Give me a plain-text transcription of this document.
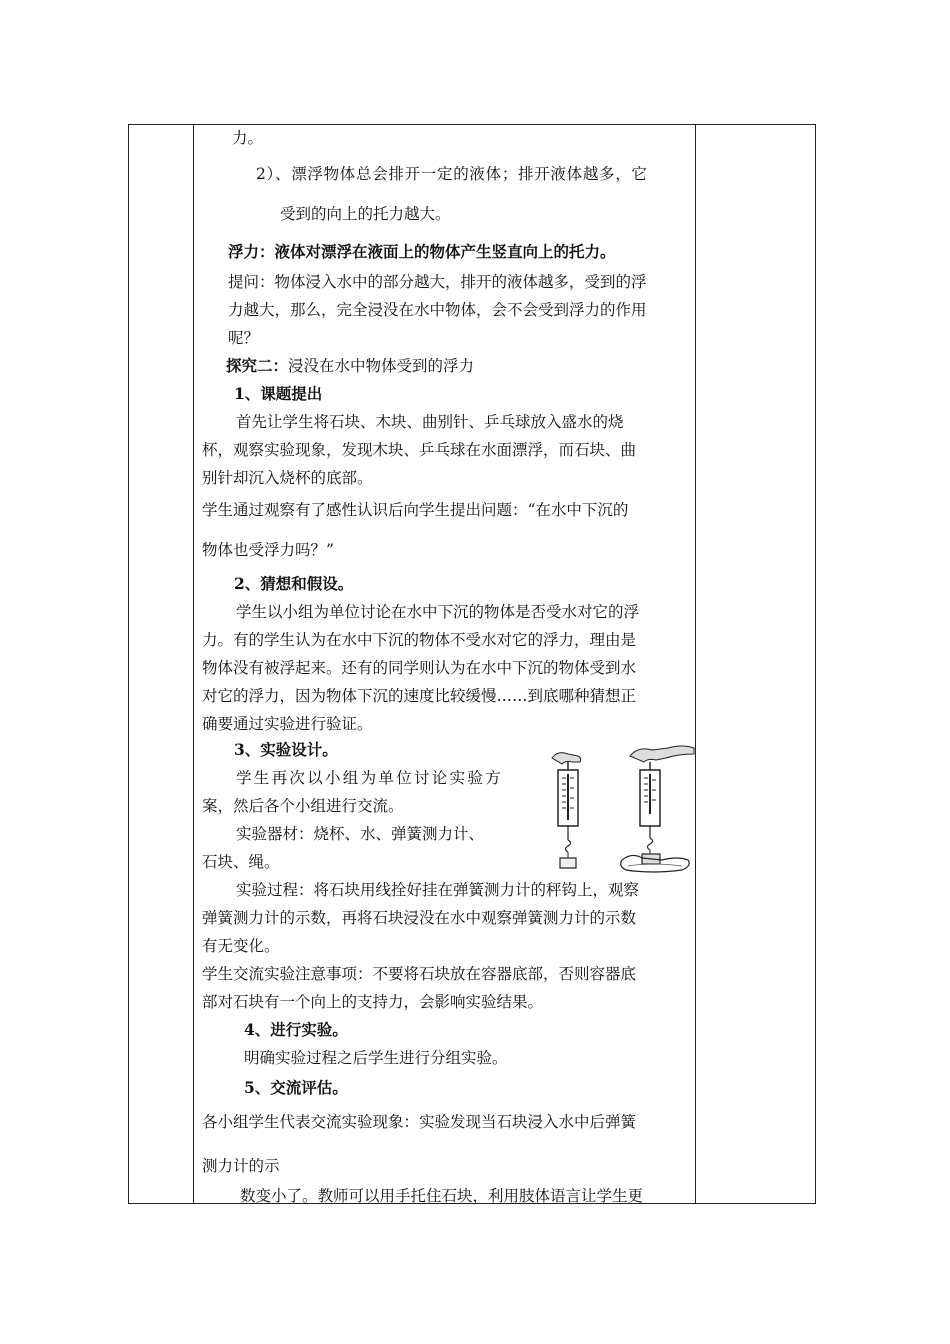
力。
2）、漂浮物体总会排开一定的液体；排开液体越多，它
受到的向上的托力越大。
浮力：液体对漂浮在液面上的物体产生竖直向上的托力。
提问：物体浸入水中的部分越大，排开的液体越多，受到的浮
力越大，那么，完全浸没在水中物体，会不会受到浮力的作用
呢？
探究二：浸没在水中物体受到的浮力
1、课题提出
首先让学生将石块、木块、曲别针、乒乓球放入盛水的烧
杯，观察实验现象，发现木块、乒乓球在水面漂浮，而石块、曲
别针却沉入烧杯的底部。
学生通过观察有了感性认识后向学生提出问题：“在水中下沉的
物体也受浮力吗？”
2、猜想和假设。
学生以小组为单位讨论在水中下沉的物体是否受水对它的浮
力。有的学生认为在水中下沉的物体不受水对它的浮力，理由是
物体没有被浮起来。还有的同学则认为在水中下沉的物体受到水
对它的浮力，因为物体下沉的速度比较缓慢……到底哪种猜想正
确要通过实验进行验证。
3、实验设计。
学生再次以小组为单位讨论实验方
案，然后各个小组进行交流。
实验器材：烧杯、水、弹簧测力计、
石块、绳。
实验过程：将石块用线拴好挂在弹簧测力计的秤钩上，观察
弹簧测力计的示数，再将石块浸没在水中观察弹簧测力计的示数
有无变化。
学生交流实验注意事项：不要将石块放在容器底部，否则容器底
部对石块有一个向上的支持力，会影响实验结果。
4、进行实验。
明确实验过程之后学生进行分组实验。
5、交流评估。
各小组学生代表交流实验现象：实验发现当石块浸入水中后弹簧
测力计的示
数变小了。教师可以用手托住石块，利用肢体语言让学生更
